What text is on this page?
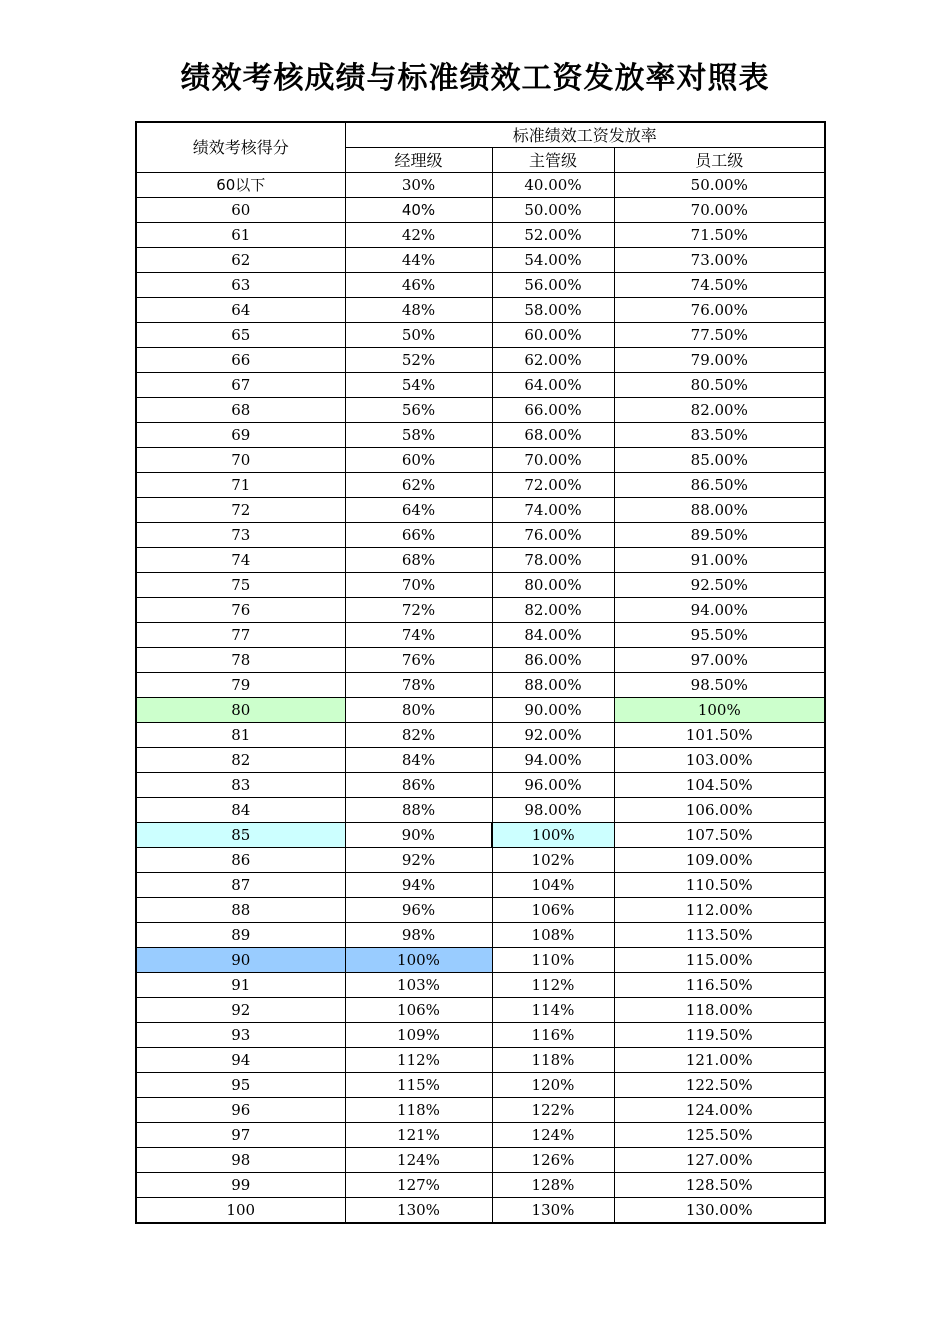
绩效考核成绩与标准绩效工资发放率对照表
绩效考核得分	标准绩效工资发放率		
	经理级	主管级	员工级
60以下	30%	40.00%	50.00%
60	40%	50.00%	70.00%
61	42%	52.00%	71.50%
62	44%	54.00%	73.00%
63	46%	56.00%	74.50%
64	48%	58.00%	76.00%
65	50%	60.00%	77.50%
66	52%	62.00%	79.00%
67	54%	64.00%	80.50%
68	56%	66.00%	82.00%
69	58%	68.00%	83.50%
70	60%	70.00%	85.00%
71	62%	72.00%	86.50%
72	64%	74.00%	88.00%
73	66%	76.00%	89.50%
74	68%	78.00%	91.00%
75	70%	80.00%	92.50%
76	72%	82.00%	94.00%
77	74%	84.00%	95.50%
78	76%	86.00%	97.00%
79	78%	88.00%	98.50%
80	80%	90.00%	100%
81	82%	92.00%	101.50%
82	84%	94.00%	103.00%
83	86%	96.00%	104.50%
84	88%	98.00%	106.00%
85	90%	100%	107.50%
86	92%	102%	109.00%
87	94%	104%	110.50%
88	96%	106%	112.00%
89	98%	108%	113.50%
90	100%	110%	115.00%
91	103%	112%	116.50%
92	106%	114%	118.00%
93	109%	116%	119.50%
94	112%	118%	121.00%
95	115%	120%	122.50%
96	118%	122%	124.00%
97	121%	124%	125.50%
98	124%	126%	127.00%
99	127%	128%	128.50%
100	130%	130%	130.00%
